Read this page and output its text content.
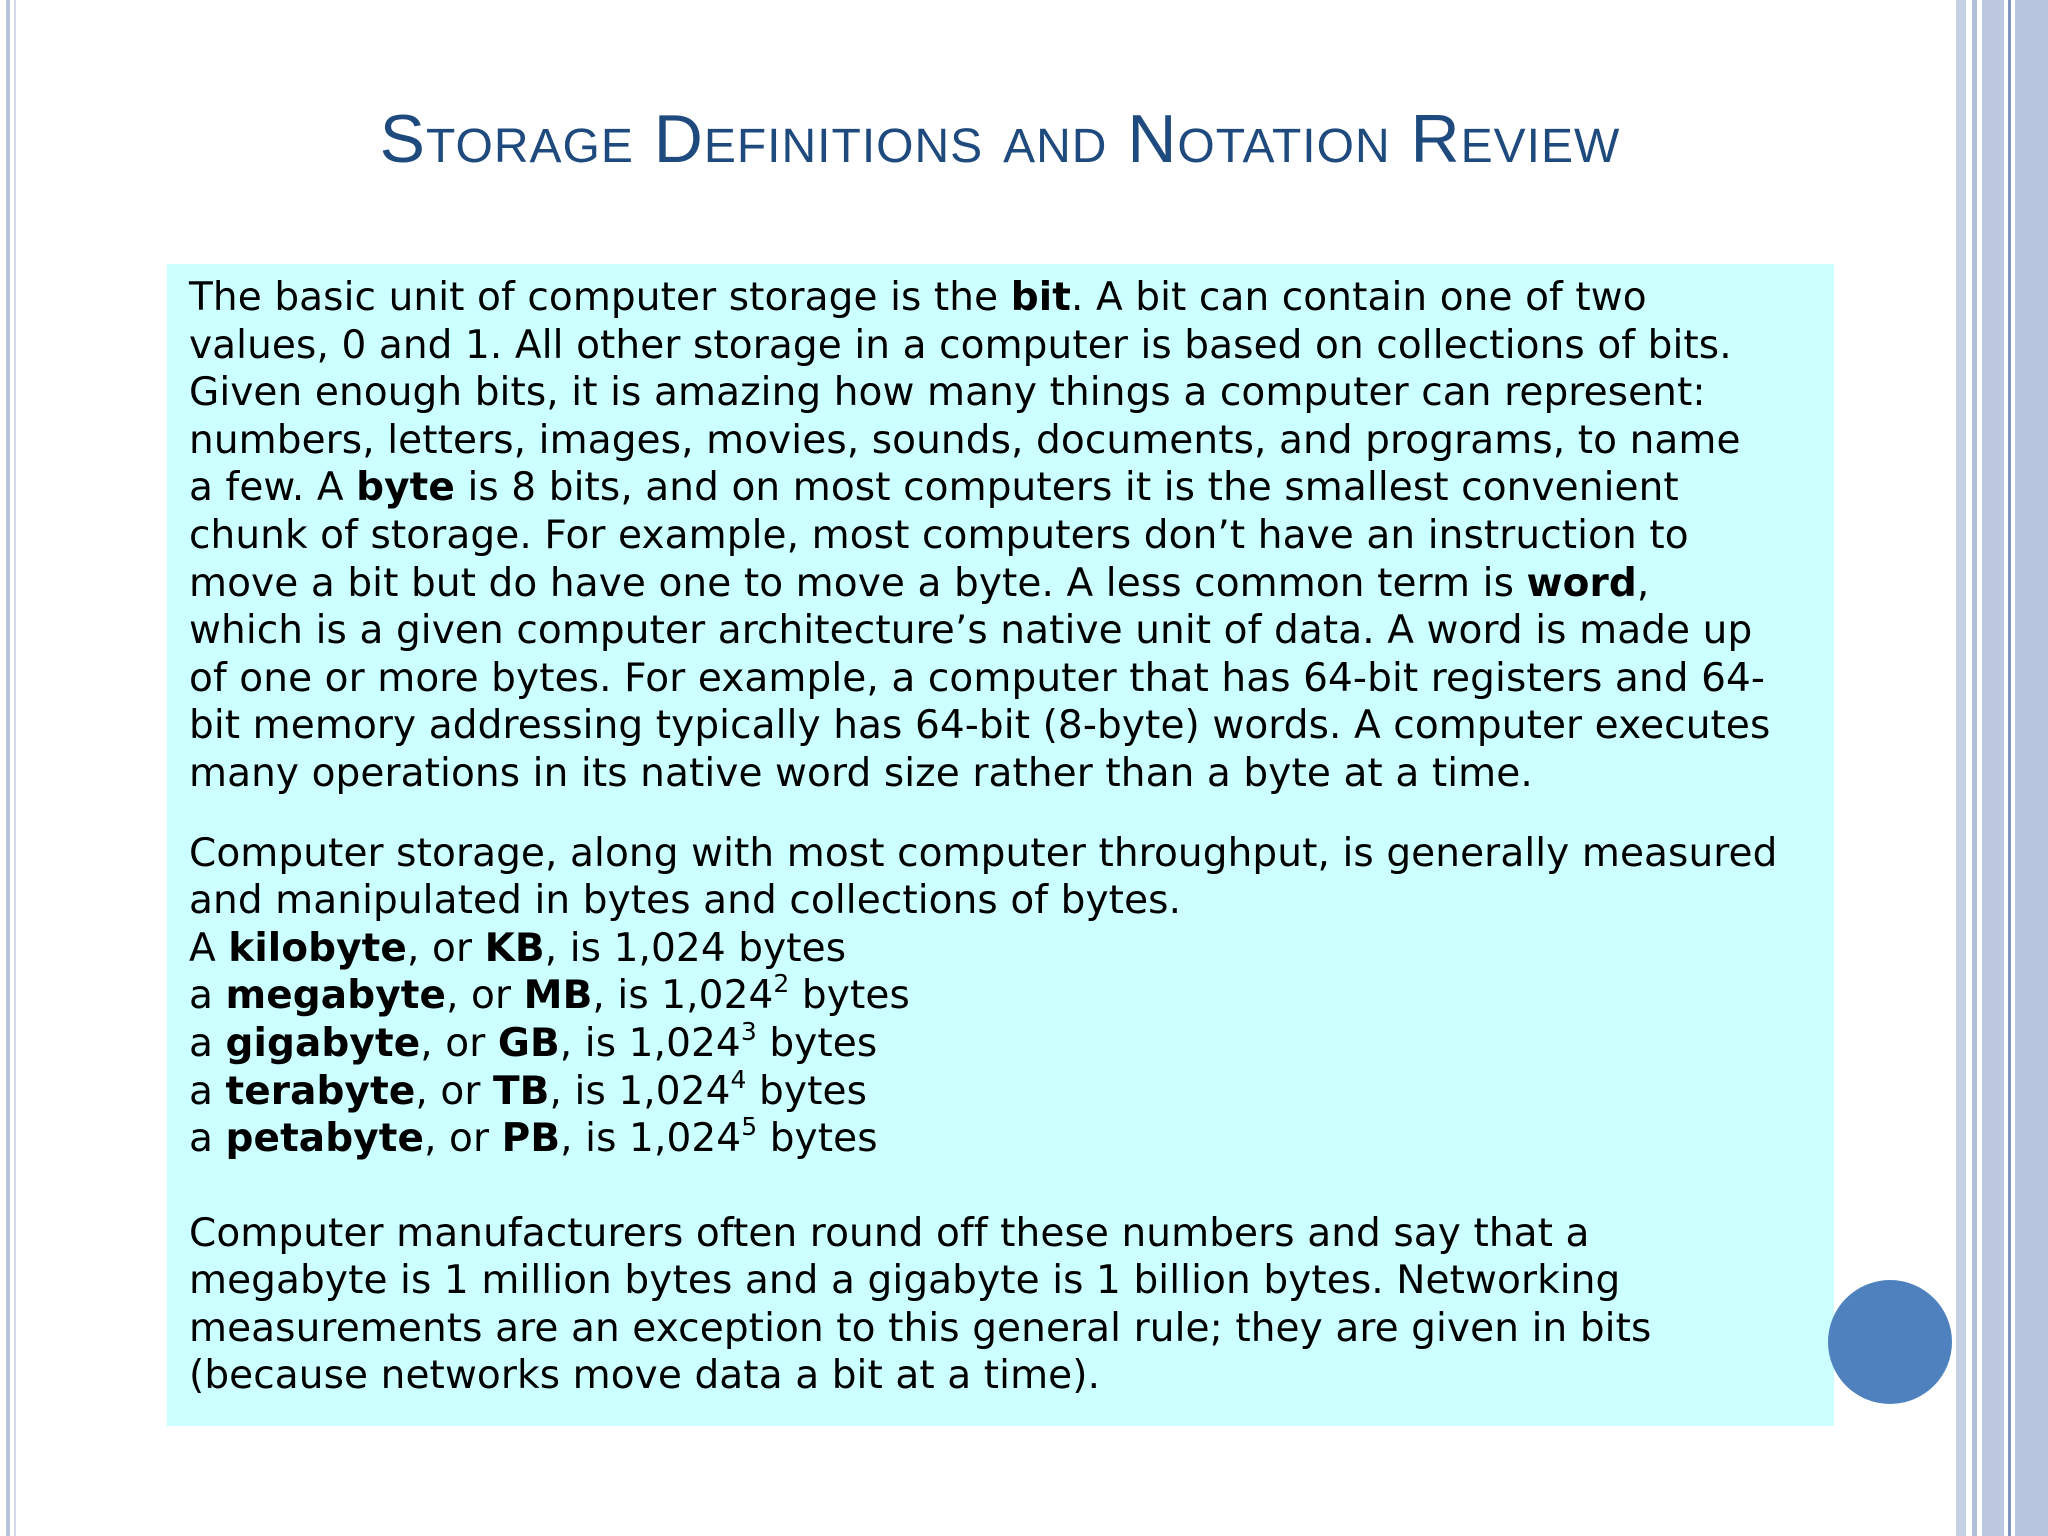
Storage Definitions and Notation Review
The basic unit of computer storage is the bit. A bit can contain one of two
values, 0 and 1. All other storage in a computer is based on collections of bits.
Given enough bits, it is amazing how many things a computer can represent:
numbers, letters, images, movies, sounds, documents, and programs, to name
a few. A byte is 8 bits, and on most computers it is the smallest convenient
chunk of storage. For example, most computers don’t have an instruction to
move a bit but do have one to move a byte. A less common term is word,
which is a given computer architecture’s native unit of data. A word is made up
of one or more bytes. For example, a computer that has 64-bit registers and 64-
bit memory addressing typically has 64-bit (8-byte) words. A computer executes
many operations in its native word size rather than a byte at a time.
Computer storage, along with most computer throughput, is generally measured
and manipulated in bytes and collections of bytes.
A kilobyte, or KB, is 1,024 bytes
a megabyte, or MB, is 1,024$^2$ bytes
a gigabyte, or GB, is 1,024$^3$ bytes
a terabyte, or TB, is 1,024$^4$ bytes
a petabyte, or PB, is 1,024$^5$ bytes
Computer manufacturers often round off these numbers and say that a
megabyte is 1 million bytes and a gigabyte is 1 billion bytes. Networking
measurements are an exception to this general rule; they are given in bits
(because networks move data a bit at a time).
